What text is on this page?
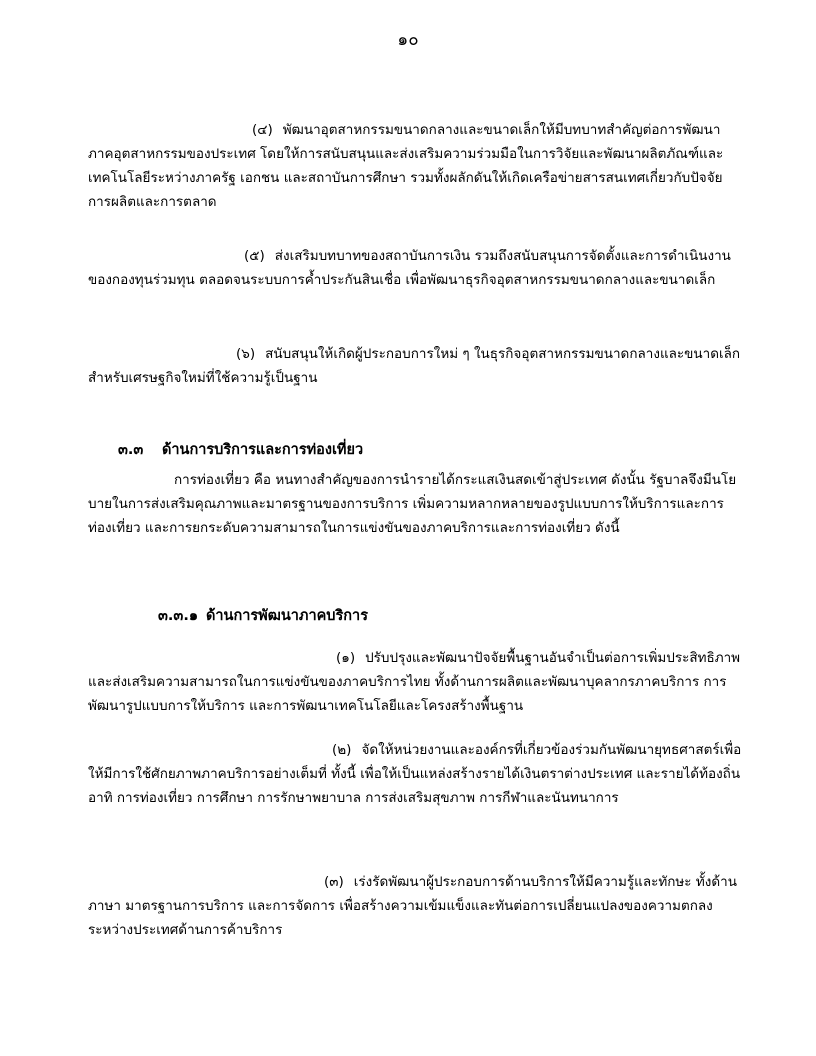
๑๐
(๔) พัฒนาอุตสาหกรรมขนาดกลางและขนาดเล็กให้มีบทบาทสำคัญต่อการพัฒนาภาคอุตสาหกรรมของประเทศ โดยให้การสนับสนุนและส่งเสริมความร่วมมือในการวิจัยและพัฒนาผลิตภัณฑ์และเทคโนโลยีระหว่างภาครัฐ เอกชน และสถาบันการศึกษา รวมทั้งผลักดันให้เกิดเครือข่ายสารสนเทศเกี่ยวกับปัจจัยการผลิตและการตลาด
(๕) ส่งเสริมบทบาทของสถาบันการเงิน รวมถึงสนับสนุนการจัดตั้งและการดำเนินงานของกองทุนร่วมทุน ตลอดจนระบบการค้ำประกันสินเชื่อ เพื่อพัฒนาธุรกิจอุตสาหกรรมขนาดกลางและขนาดเล็ก
(๖) สนับสนุนให้เกิดผู้ประกอบการใหม่ ๆ ในธุรกิจอุตสาหกรรมขนาดกลางและขนาดเล็กสำหรับเศรษฐกิจใหม่ที่ใช้ความรู้เป็นฐาน
๓.๓ ด้านการบริการและการท่องเที่ยว
การท่องเที่ยว คือ หนทางสำคัญของการนำรายได้กระแสเงินสดเข้าสู่ประเทศ ดังนั้น รัฐบาลจึงมีนโยบายในการส่งเสริมคุณภาพและมาตรฐานของการบริการ เพิ่มความหลากหลายของรูปแบบการให้บริการและการท่องเที่ยว และการยกระดับความสามารถในการแข่งขันของภาคบริการและการท่องเที่ยว ดังนี้
๓.๓.๑ ด้านการพัฒนาภาคบริการ
(๑) ปรับปรุงและพัฒนาปัจจัยพื้นฐานอันจำเป็นต่อการเพิ่มประสิทธิภาพและส่งเสริมความสามารถในการแข่งขันของภาคบริการไทย ทั้งด้านการผลิตและพัฒนาบุคลากรภาคบริการ การพัฒนารูปแบบการให้บริการ และการพัฒนาเทคโนโลยีและโครงสร้างพื้นฐาน
(๒) จัดให้หน่วยงานและองค์กรที่เกี่ยวข้องร่วมกันพัฒนายุทธศาสตร์เพื่อให้มีการใช้ศักยภาพภาคบริการอย่างเต็มที่ ทั้งนี้ เพื่อให้เป็นแหล่งสร้างรายได้เงินตราต่างประเทศ และรายได้ท้องถิ่น อาทิ การท่องเที่ยว การศึกษา การรักษาพยาบาล การส่งเสริมสุขภาพ การกีฬาและนันทนาการ
(๓) เร่งรัดพัฒนาผู้ประกอบการด้านบริการให้มีความรู้และทักษะ ทั้งด้านภาษา มาตรฐานการบริการ และการจัดการ เพื่อสร้างความเข้มแข็งและทันต่อการเปลี่ยนแปลงของความตกลงระหว่างประเทศด้านการค้าบริการ
